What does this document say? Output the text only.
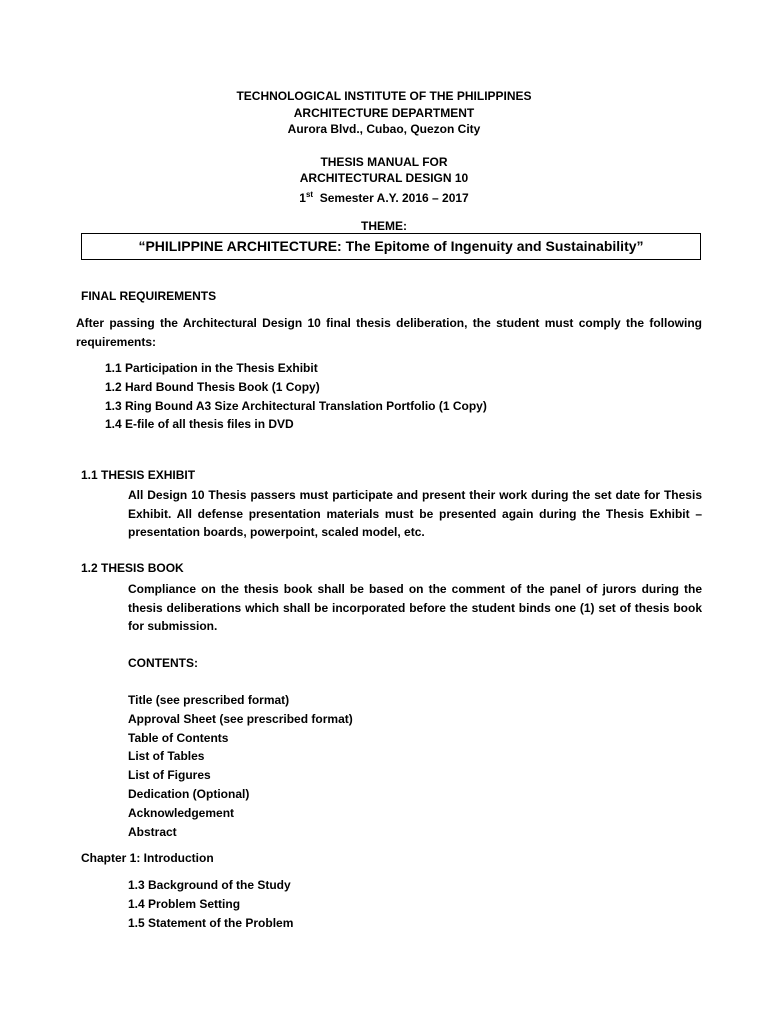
TECHNOLOGICAL INSTITUTE OF THE PHILIPPINES
ARCHITECTURE DEPARTMENT
Aurora Blvd., Cubao, Quezon City
THESIS MANUAL FOR
ARCHITECTURAL DESIGN 10
1st  Semester A.Y. 2016 – 2017
THEME:
“PHILIPPINE ARCHITECTURE: The Epitome of Ingenuity and Sustainability”
FINAL REQUIREMENTS
After passing the Architectural Design 10 final thesis deliberation, the student must comply the following requirements:
1.1 Participation in the Thesis Exhibit
1.2 Hard Bound Thesis Book (1 Copy)
1.3 Ring Bound A3 Size Architectural Translation Portfolio (1 Copy)
1.4 E-file of all thesis files in DVD
1.1 THESIS EXHIBIT
All Design 10 Thesis passers must participate and present their work during the set date for Thesis Exhibit. All defense presentation materials must be presented again during the Thesis Exhibit – presentation boards, powerpoint, scaled model, etc.
1.2 THESIS BOOK
Compliance on the thesis book shall be based on the comment of the panel of jurors during the thesis deliberations which shall be incorporated before the student binds one (1) set of thesis book for submission.
CONTENTS:
Title (see prescribed format)
Approval Sheet (see prescribed format)
Table of Contents
List of Tables
List of Figures
Dedication (Optional)
Acknowledgement
Abstract
Chapter 1: Introduction
1.3 Background of the Study
1.4 Problem Setting
1.5 Statement of the Problem
